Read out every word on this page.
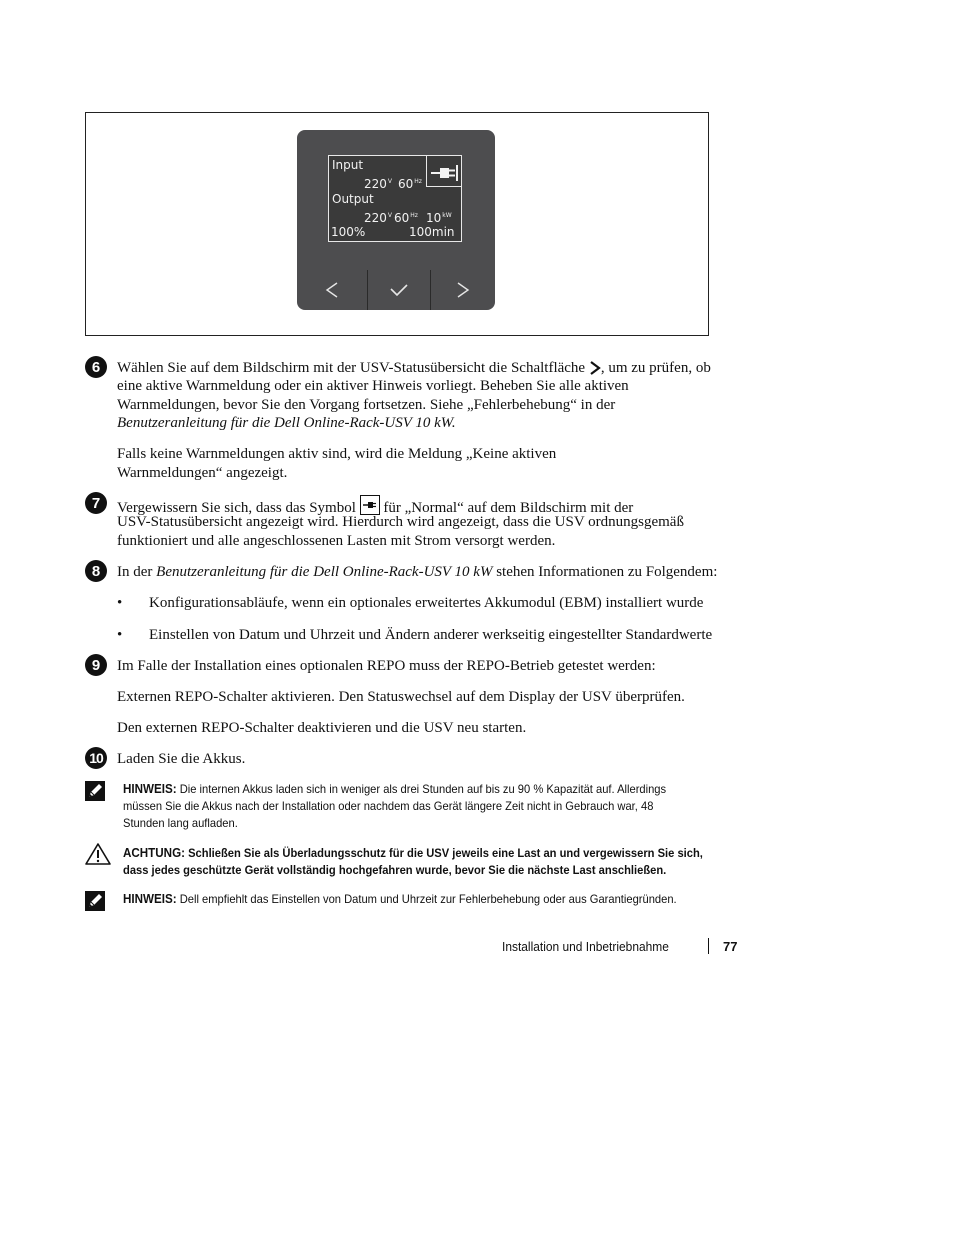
Input
$220^V$ $60^{Hz}$
Output
$220^V$ $60^{Hz}$ $10^{kW}$
100%	100min
6	Wählen Sie auf dem Bildschirm mit der USV-Statusübersicht die Schaltfläche , um zu prüfen, ob
eine aktive Warnmeldung oder ein aktiver Hinweis vorliegt. Beheben Sie alle aktiven
Warnmeldungen, bevor Sie den Vorgang fortsetzen. Siehe „Fehlerbehebung“ in der
Benutzeranleitung für die Dell Online-Rack-USV 10 kW.
Falls keine Warnmeldungen aktiv sind, wird die Meldung „Keine aktiven
Warnmeldungen“ angezeigt.
7	Vergewissern Sie sich, dass das Symbol für „Normal“ auf dem Bildschirm mit der
USV-Statusübersicht angezeigt wird. Hierdurch wird angezeigt, dass die USV ordnungsgemäß
funktioniert und alle angeschlossenen Lasten mit Strom versorgt werden.
8	In der Benutzeranleitung für die Dell Online-Rack-USV 10 kW stehen Informationen zu Folgendem:
• Konfigurationsabläufe, wenn ein optionales erweitertes Akkumodul (EBM) installiert wurde
• Einstellen von Datum und Uhrzeit und Ändern anderer werkseitig eingestellter Standardwerte
9	Im Falle der Installation eines optionalen REPO muss der REPO-Betrieb getestet werden:
Externen REPO-Schalter aktivieren. Den Statuswechsel auf dem Display der USV überprüfen.
Den externen REPO-Schalter deaktivieren und die USV neu starten.
10 Laden Sie die Akkus.
HINWEIS: Die internen Akkus laden sich in weniger als drei Stunden auf bis zu 90 % Kapazität auf. Allerdings
müssen Sie die Akkus nach der Installation oder nachdem das Gerät längere Zeit nicht in Gebrauch war, 48
Stunden lang aufladen.
ACHTUNG: Schließen Sie als Überladungsschutz für die USV jeweils eine Last an und vergewissern Sie sich,
dass jedes geschützte Gerät vollständig hochgefahren wurde, bevor Sie die nächste Last anschließen.
HINWEIS: Dell empfiehlt das Einstellen von Datum und Uhrzeit zur Fehlerbehebung oder aus Garantiegründen.
Installation und Inbetriebnahme	77
